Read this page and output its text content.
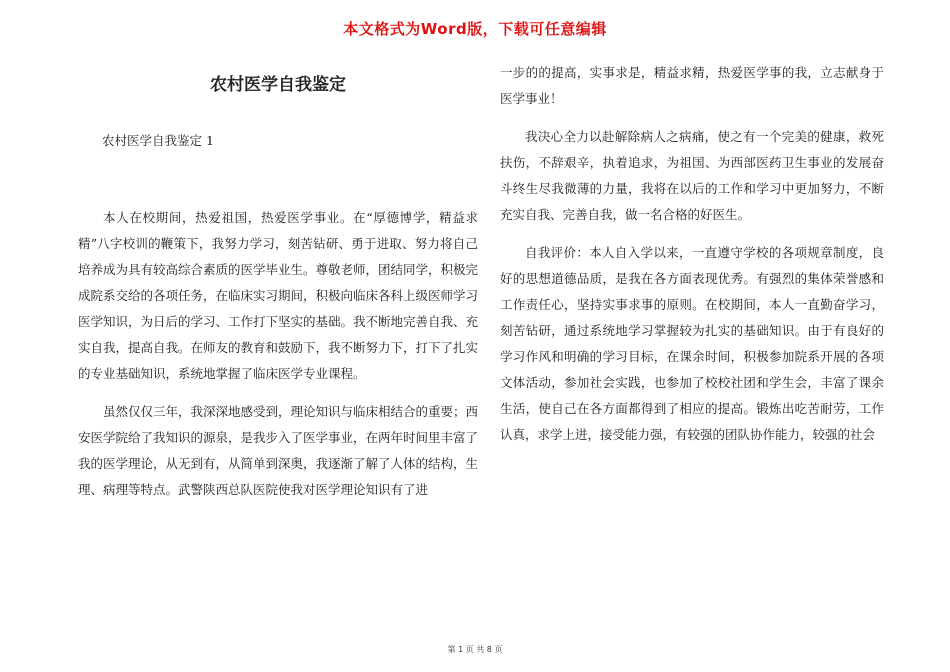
本文格式为Word版，下载可任意编辑
农村医学自我鉴定
农村医学自我鉴定 1

本人在校期间，热爱祖国，热爱医学事业。在“厚德博学，精益求精”八字校训的鞭策下，我努力学习，刻苦钻研、勇于进取、努力将自己培养成为具有较高综合素质的医学毕业生。尊敬老师，团结同学，积极完成院系交给的各项任务，在临床实习期间，积极向临床各科上级医师学习医学知识，为日后的学习、工作打下坚实的基础。我不断地完善自我、充实自我，提高自我。在师友的教育和鼓励下，我不断努力下，打下了扎实的专业基础知识，系统地掌握了临床医学专业课程。

虽然仅仅三年，我深深地感受到，理论知识与临床相结合的重要；西安医学院给了我知识的源泉，是我步入了医学事业，在两年时间里丰富了我的医学理论，从无到有，从简单到深奥，我逐渐了解了人体的结构，生理、病理等特点。武警陕西总队医院使我对医学理论知识有了进

一步的的提高，实事求是，精益求精，热爱医学事的我，立志献身于医学事业！

我决心全力以赴解除病人之病痛，使之有一个完美的健康，救死扶伤，不辞艰辛，执着追求，为祖国、为西部医药卫生事业的发展奋斗终生尽我微薄的力量，我将在以后的工作和学习中更加努力，不断充实自我、完善自我，做一名合格的好医生。

自我评价：本人自入学以来，一直遵守学校的各项规章制度，良好的思想道德品质，是我在各方面表现优秀。有强烈的集体荣誉感和工作责任心，坚持实事求事的原则。在校期间，本人一直勤奋学习，刻苦钻研，通过系统地学习掌握较为扎实的基础知识。由于有良好的学习作风和明确的学习目标，在课余时间，积极参加院系开展的各项文体活动，参加社会实践，也参加了校校社团和学生会，丰富了课余生活，使自己在各方面都得到了相应的提高。锻炼出吃苦耐劳，工作认真，求学上进，接受能力强，有较强的团队协作能力，较强的社会

第 1 页 共 8 页
